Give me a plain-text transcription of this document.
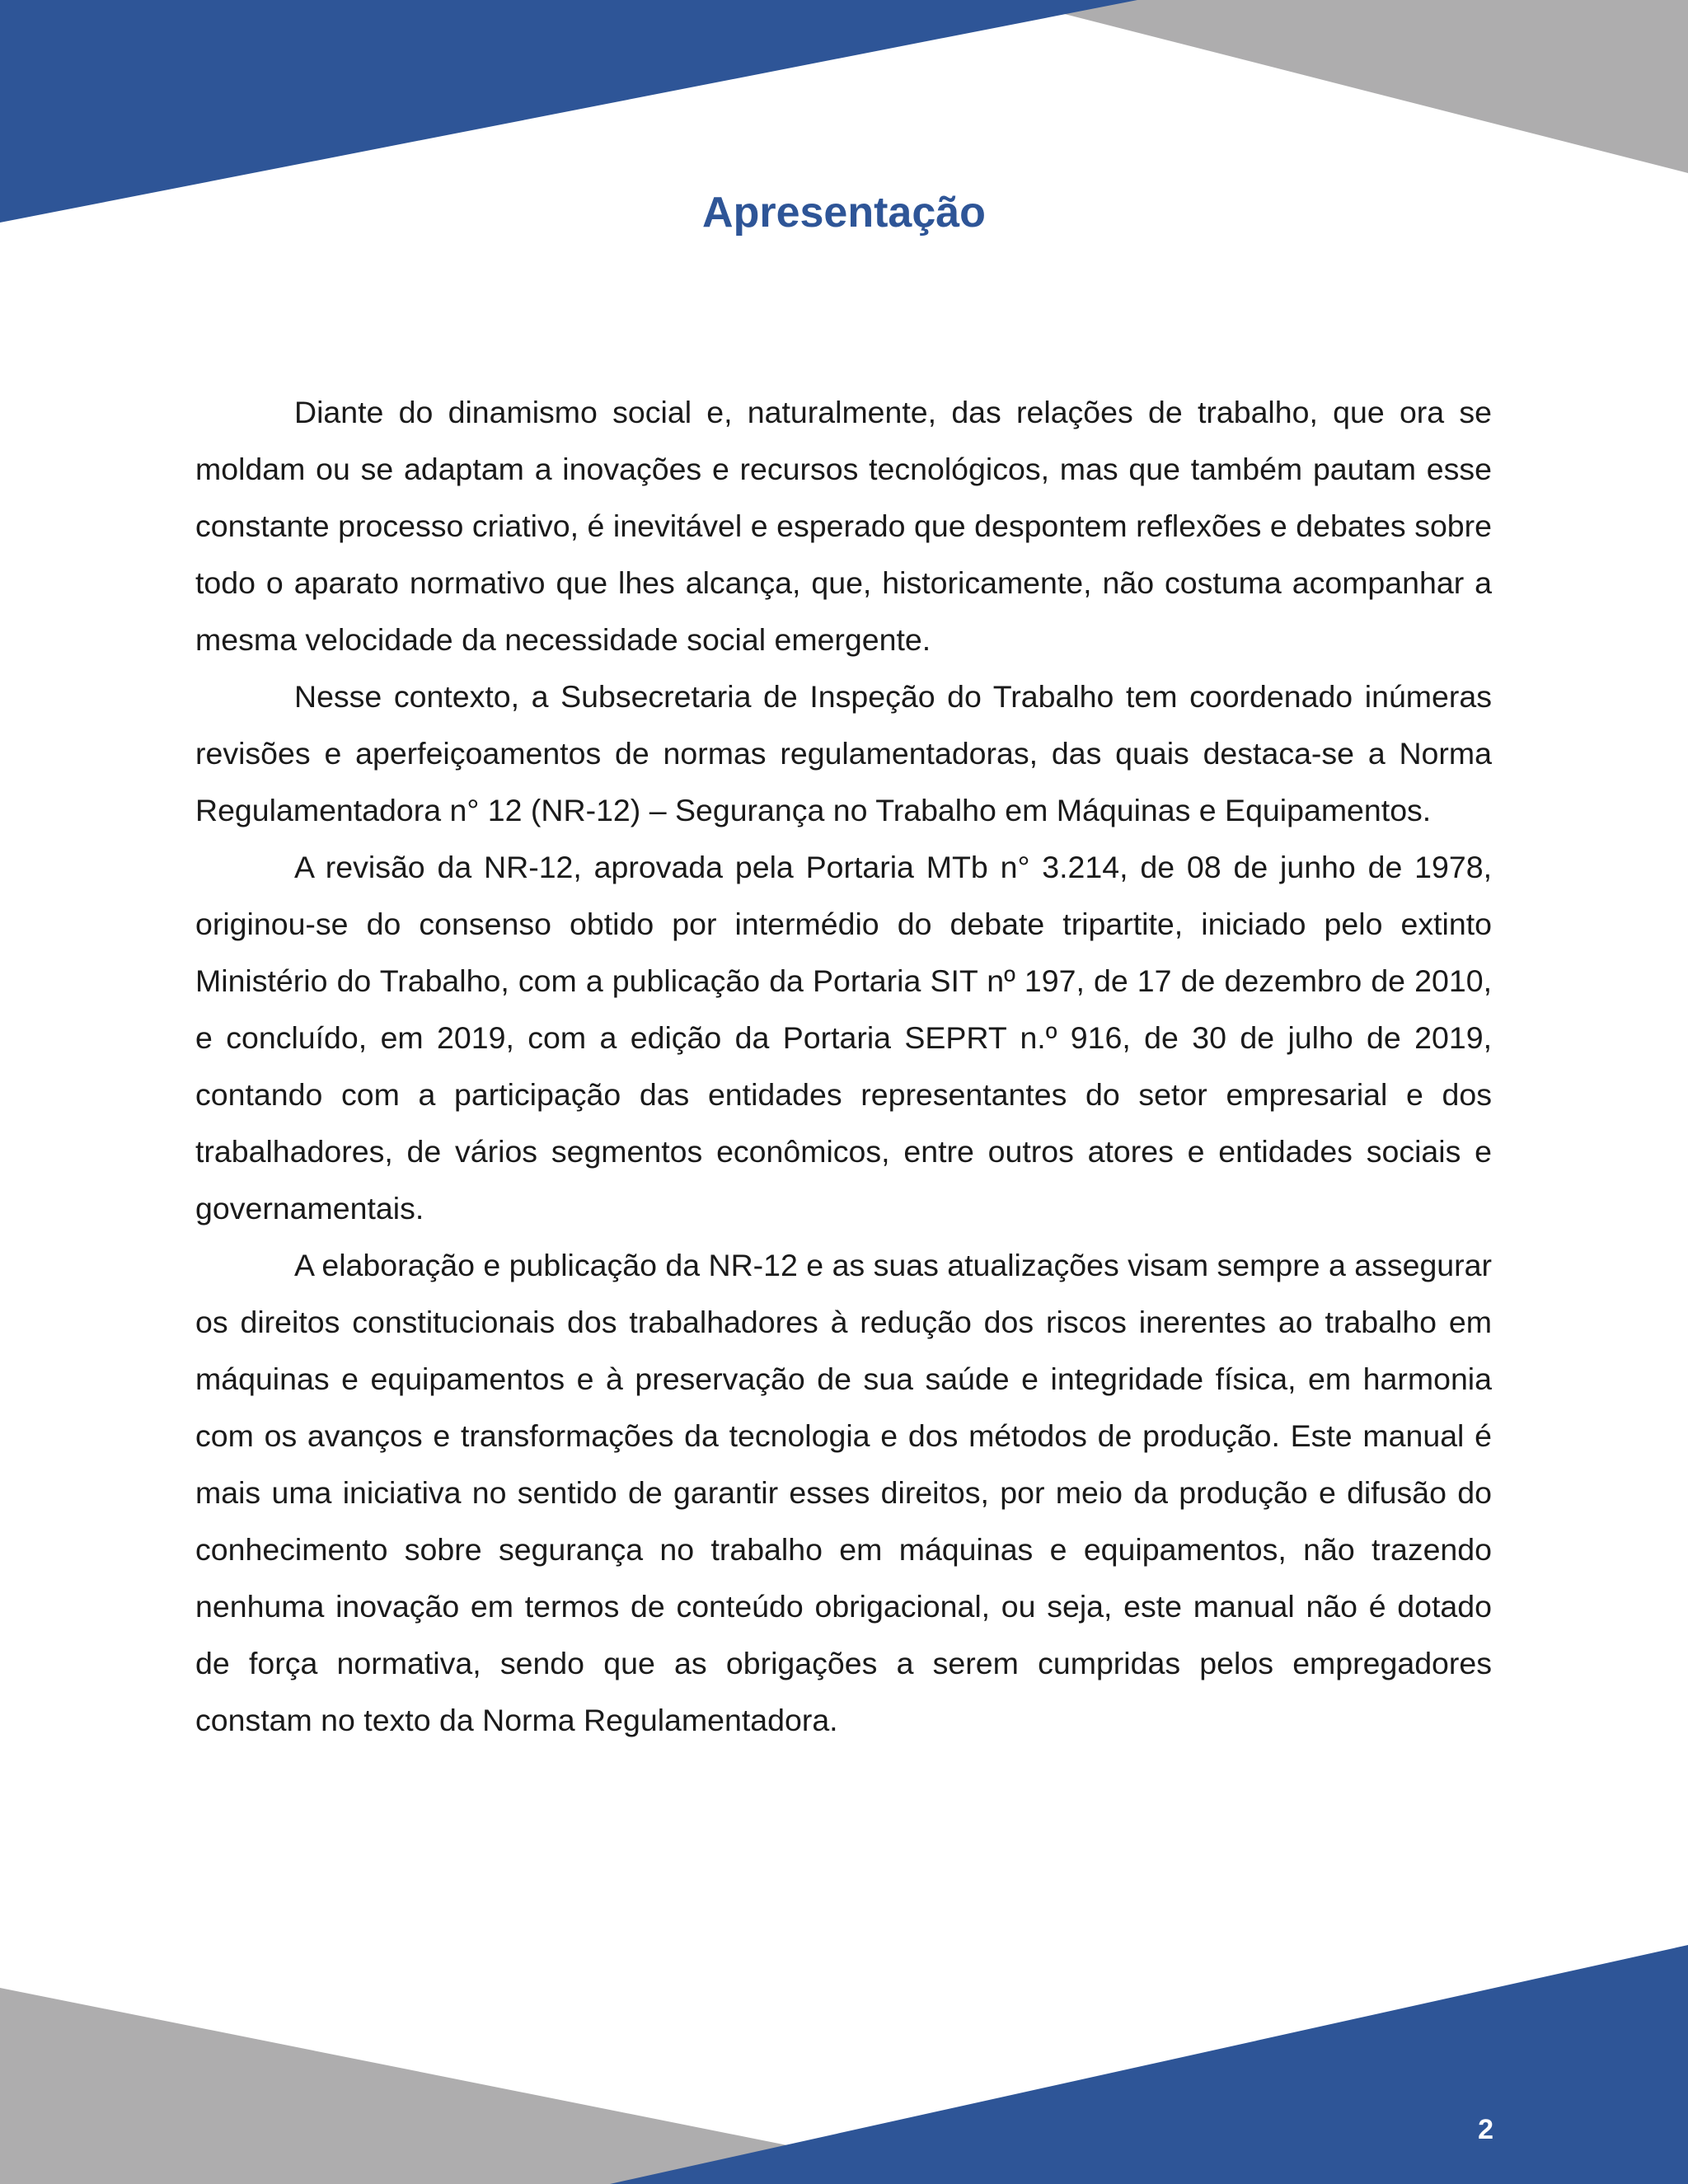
Apresentação

Diante do dinamismo social e, naturalmente, das relações de trabalho, que ora se moldam ou se adaptam a inovações e recursos tecnológicos, mas que também pautam esse constante processo criativo, é inevitável e esperado que despontem reflexões e debates sobre todo o aparato normativo que lhes alcança, que, historicamente, não costuma acompanhar a mesma velocidade da necessidade social emergente.

Nesse contexto, a Subsecretaria de Inspeção do Trabalho tem coordenado inúmeras revisões e aperfeiçoamentos de normas regulamentadoras, das quais destaca-se a Norma Regulamentadora n° 12 (NR-12) – Segurança no Trabalho em Máquinas e Equipamentos.

A revisão da NR-12, aprovada pela Portaria MTb n° 3.214, de 08 de junho de 1978, originou-se do consenso obtido por intermédio do debate tripartite, iniciado pelo extinto Ministério do Trabalho, com a publicação da Portaria SIT nº 197, de 17 de dezembro de 2010, e concluído, em 2019, com a edição da Portaria SEPRT n.º 916, de 30 de julho de 2019, contando com a participação das entidades representantes do setor empresarial e dos trabalhadores, de vários segmentos econômicos, entre outros atores e entidades sociais e governamentais.

A elaboração e publicação da NR-12 e as suas atualizações visam sempre a assegurar os direitos constitucionais dos trabalhadores à redução dos riscos inerentes ao trabalho em máquinas e equipamentos e à preservação de sua saúde e integridade física, em harmonia com os avanços e transformações da tecnologia e dos métodos de produção. Este manual é mais uma iniciativa no sentido de garantir esses direitos, por meio da produção e difusão do conhecimento sobre segurança no trabalho em máquinas e equipamentos, não trazendo nenhuma inovação em termos de conteúdo obrigacional, ou seja, este manual não é dotado de força normativa, sendo que as obrigações a serem cumpridas pelos empregadores constam no texto da Norma Regulamentadora.

2
